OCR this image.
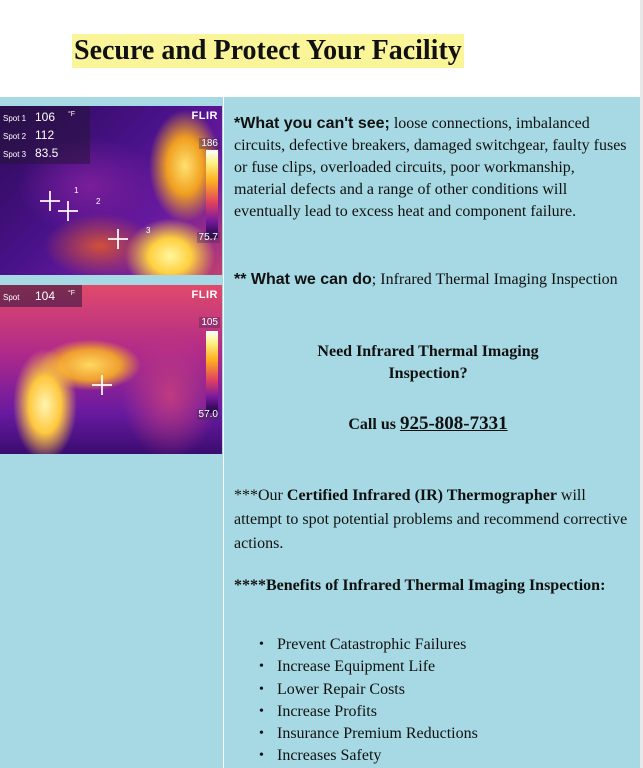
Secure and Protect Your Facility
Spot 1 106
Spot 2 112
Spot 3 83.5
°F	FLIR
186
75.7
1
2
3
Spot 104 °F	FLIR
105
57.0
*What you can't see; loose connections, imbalanced circuits, defective breakers, damaged switchgear, faulty fuses or fuse clips, overloaded circuits, poor workmanship, material defects and a range of other conditions will eventually lead to excess heat and component failure.
** What we can do; Infrared Thermal Imaging Inspection
Need Infrared Thermal Imaging
Inspection?
Call us 925-808-7331
***Our Certified Infrared (IR) Thermographer will attempt to spot potential problems and recommend corrective actions.
****Benefits of Infrared Thermal Imaging Inspection:
• Prevent Catastrophic Failures
• Increase Equipment Life
• Lower Repair Costs
• Increase Profits
• Insurance Premium Reductions
• Increases Safety
